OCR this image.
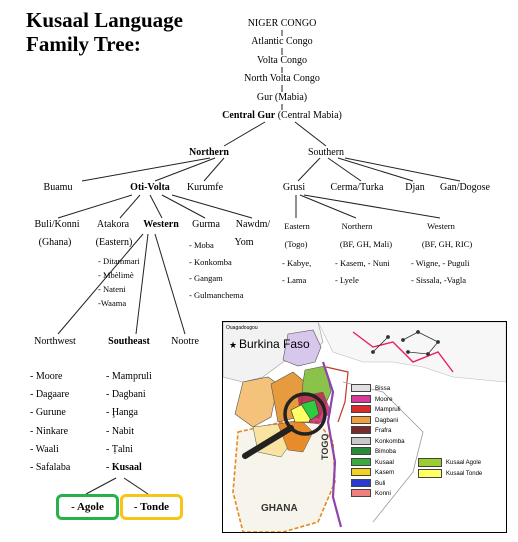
Kusaal Language
Family Tree:
NIGER CONGO
Atlantic Congo
Volta Congo
North Volta Congo
Gur (Mabia)
Central Gur (Central Mabia)
Northern	Southern
Buamu	Oti-Volta Kurumfe	Grusi	Cerma/Turka Djan Gan/Dogose
Buli/Konni
(Ghana)
Atakora
(Eastern)
Western Gurma Nawdm/
Yom
Eastern
(Togo)
Northern
(BF, GH, Mali)
Western
(BF, GH, RIC)
- Ditammari
- Mbèlimè
- Nateni
-Waama
- Moba
- Konkomba
- Gangam
- Gulmanchema
- Kabye,
- Lama
- Kasem, - Nuni
- Lyele
- Wigne, - Puguli
- Sissala, -Vagla
Northwest	Southeast Nootre
- Moore
- Dagaare
- Gurune
- Ninkare
- Waali
- Safalaba
- Mampruli
- Dagbani
- Ḩanga
- Nabit
- Ṭalni
- Kusaal
- Agole	- Tonde
★
Ouagadougou
Burkina Faso
TOGO
GHANA
Bissa
Moore
Mampruli
Dagbani
Frafra
Konkomba
Bimoba
Kusaal
Kasem
Buli
Konni
Kusaal Agole
Kusaal Tonde
